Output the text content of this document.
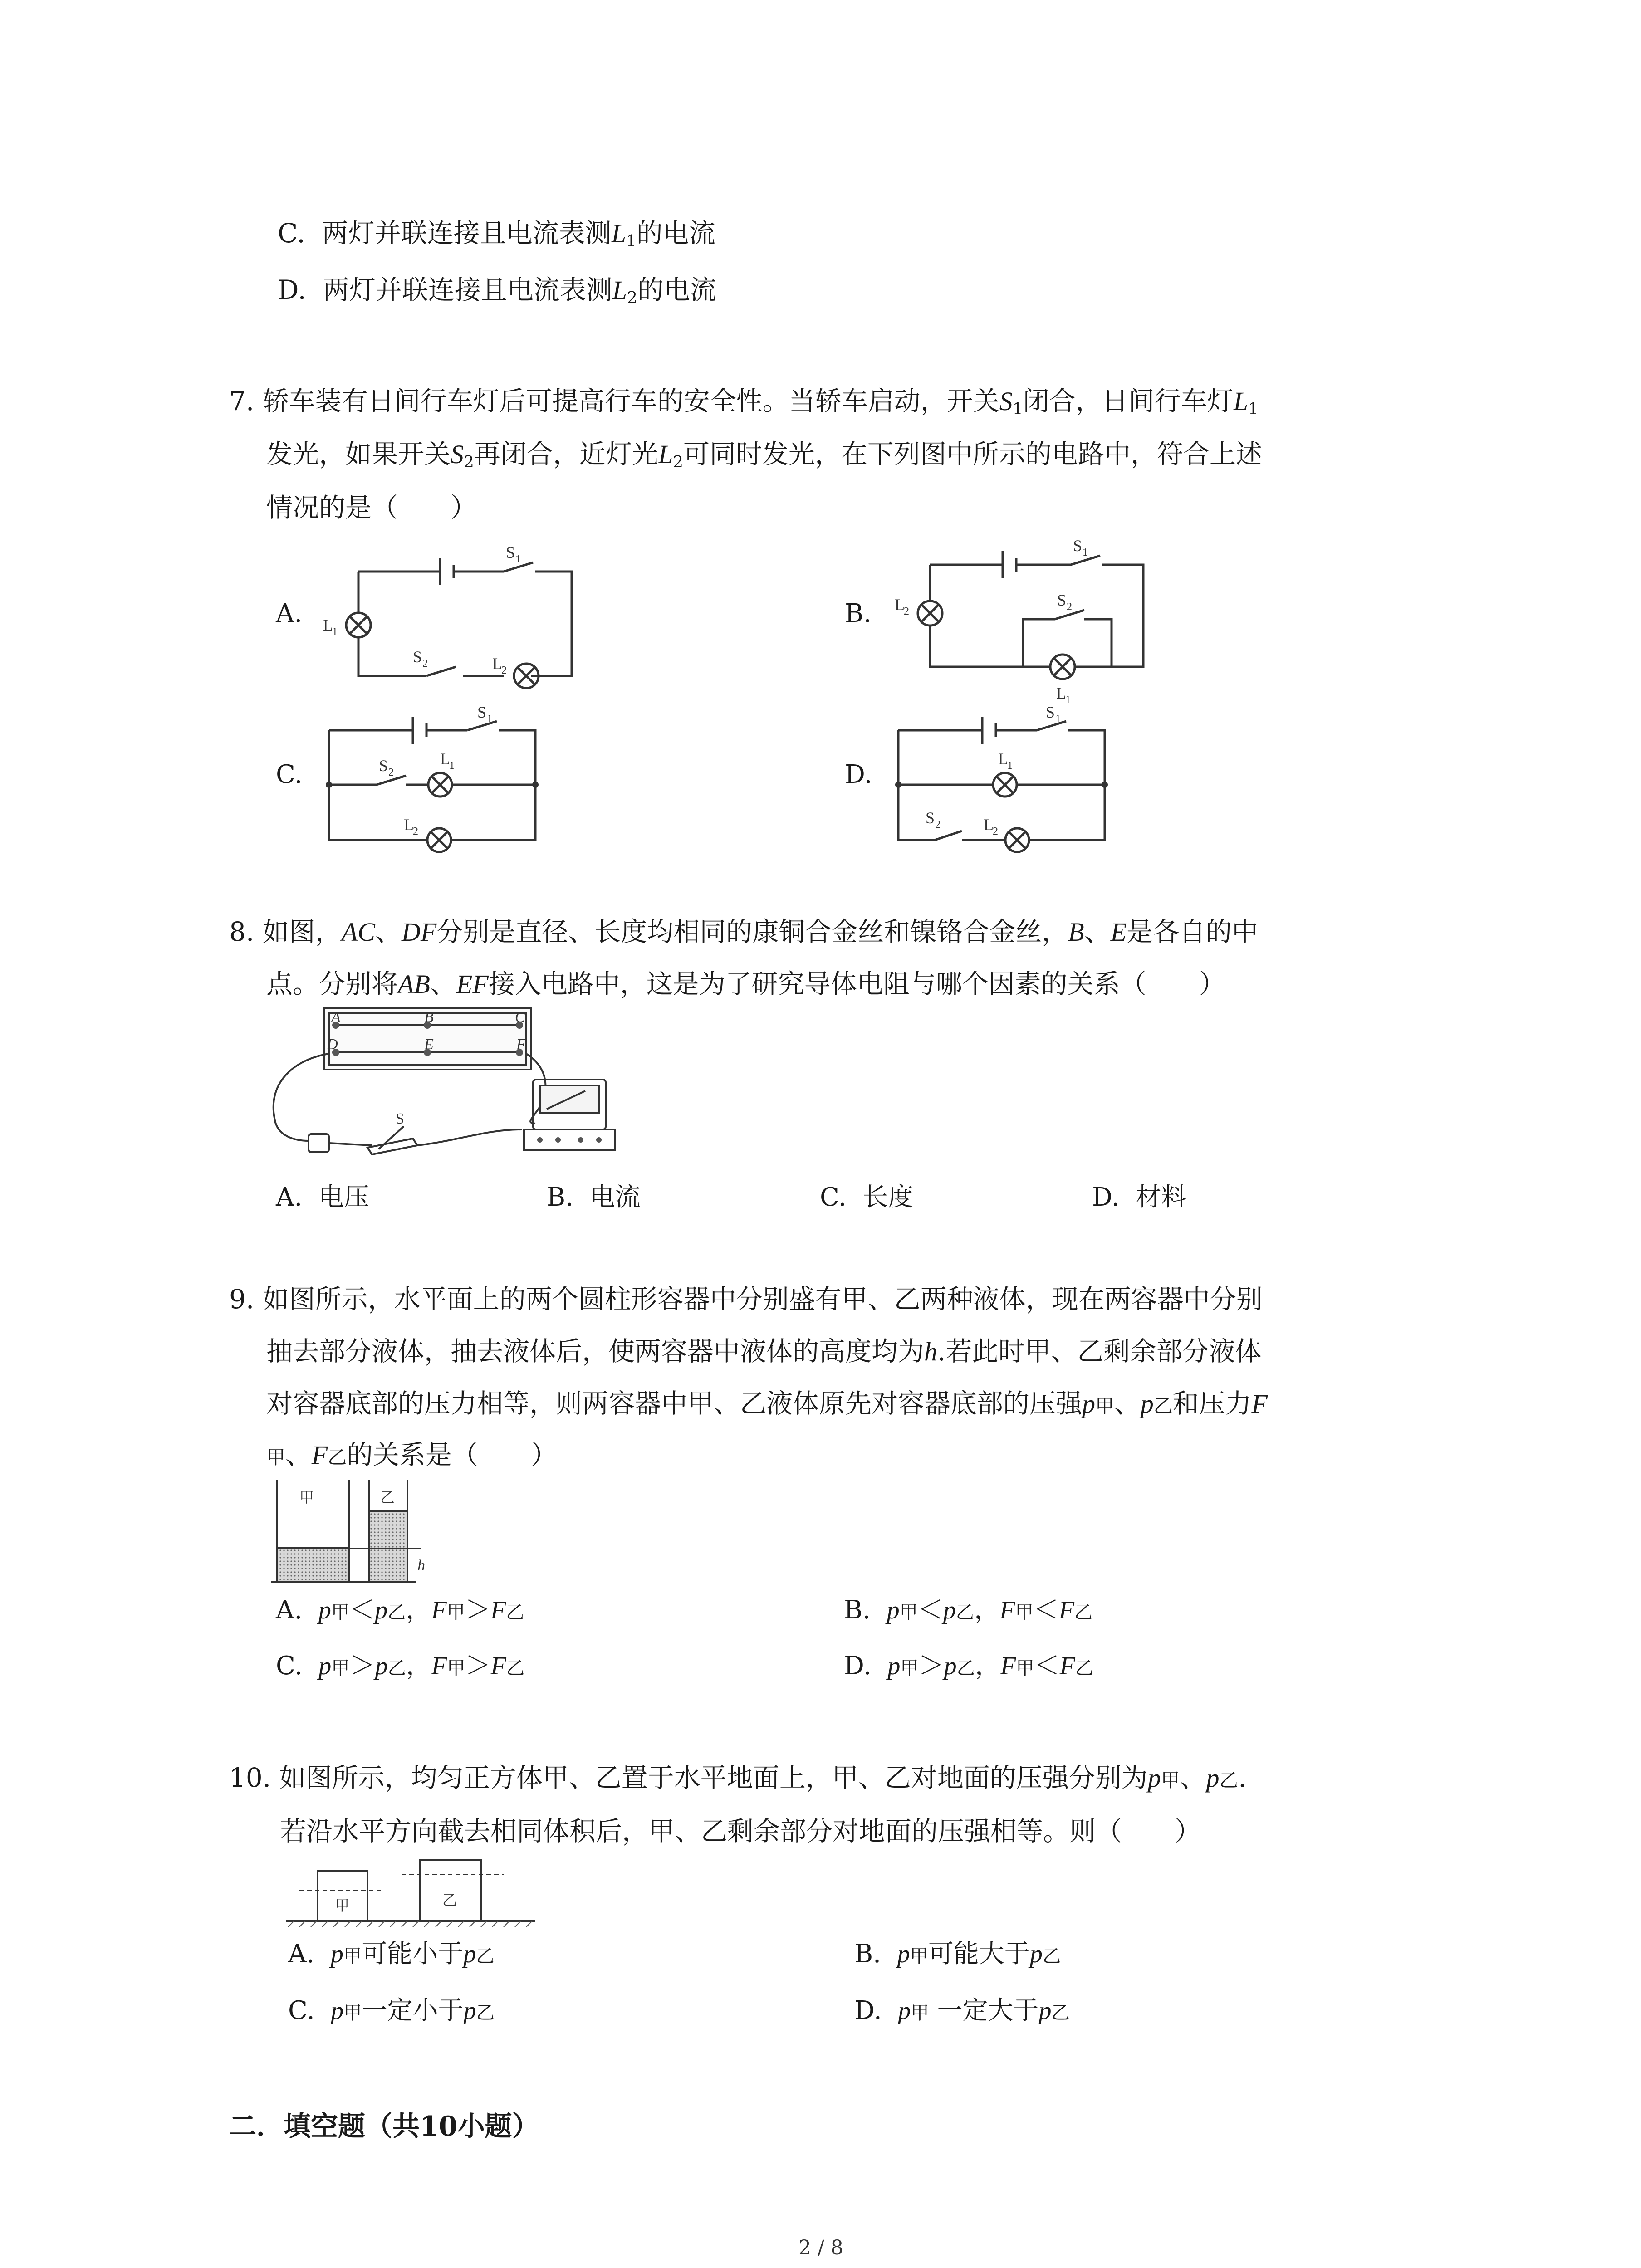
C. 两灯并联连接且电流表测$L_1$的电流
D. 两灯并联连接且电流表测$L_2$的电流
7. 轿车装有日间行车灯后可提高行车的安全性。当轿车启动，开关$S_1$闭合，日间行车灯$L_1$
发光，如果开关$S_2$再闭合，近灯光$L_2$可同时发光，在下列图中所示的电路中，符合上述
情况的是（　　）
A.	B.
C.	D.
S 1
L
1
S 2	L
2
S 1
L
2
S 2
L
1
S 1
S 2
L
1
L
2
S 1
L
1
S 2	L
2
8. 如图，AC、DF分别是直径、长度均相同的康铜合金丝和镍铬合金丝，B、E是各自的中
点。分别将AB、EF接入电路中，这是为了研究导体电阻与哪个因素的关系（　　）
A	B	C
D	E	F
S
A. 电压	B. 电流	C. 长度	D. 材料
9. 如图所示，水平面上的两个圆柱形容器中分别盛有甲、乙两种液体，现在两容器中分别
抽去部分液体，抽去液体后，使两容器中液体的高度均为h.若此时甲、乙剩余部分液体
对容器底部的压力相等，则两容器中甲、乙液体原先对容器底部的压强p甲、p乙和压力F
甲、F乙的关系是（　　）
甲	乙
h
A. p甲＜p乙，F甲＞F乙	B. p甲＜p乙，F甲＜F乙
C. p甲＞p乙，F甲＞F乙	D. p甲＞p乙，F甲＜F乙
10. 如图所示，均匀正方体甲、乙置于水平地面上，甲、乙对地面的压强分别为p甲、p乙.
若沿水平方向截去相同体积后，甲、乙剩余部分对地面的压强相等。则（　　）
甲	乙
A. p甲可能小于p乙	B. p甲可能大于p乙
C. p甲一定小于p乙	D. p甲 一定大于p乙
二．填空题（共10小题）
2 / 8
